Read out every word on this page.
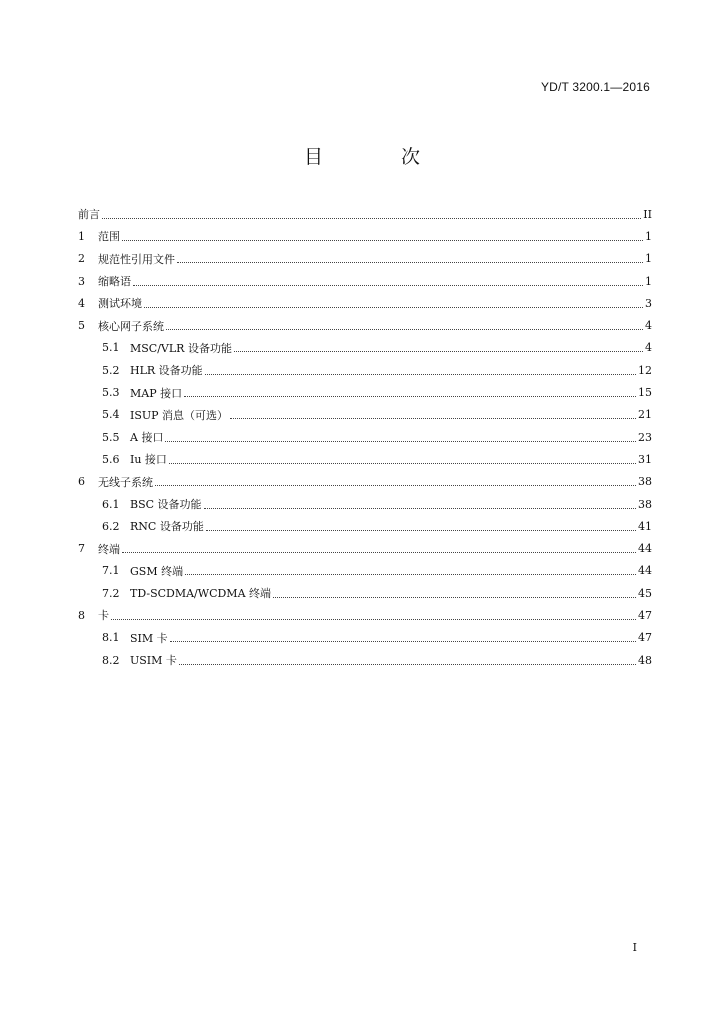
YD/T 3200.1—2016
目 次
前言	II
1	范围	1
2	规范性引用文件	1
3	缩略语	1
4	测试环境	3
5	核心网子系统	4
5.1 MSC/VLR 设备功能	4
5.2 HLR 设备功能	12
5.3 MAP 接口	15
5.4 ISUP 消息（可选）	21
5.5 A 接口	23
5.6 Iu 接口	31
6	无线子系统	38
6.1 BSC 设备功能	38
6.2 RNC 设备功能	41
7	终端	44
7.1 GSM 终端	44
7.2 TD-SCDMA/WCDMA 终端	45
8	卡	47
8.1 SIM 卡	47
8.2 USIM 卡	48
I
